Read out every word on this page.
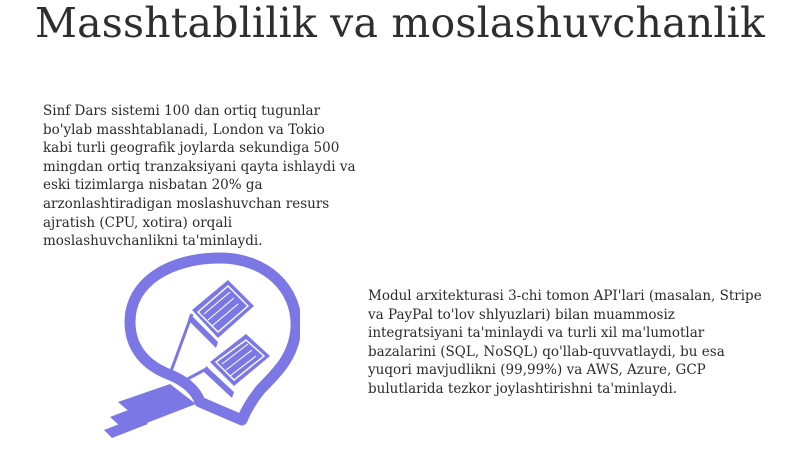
Masshtablilik va moslashuvchanlik

Sinf Dars sistemi 100 dan ortiq tugunlar bo'ylab masshtablanadi, London va Tokio kabi turli geografik joylarda sekundiga 500 mingdan ortiq tranzaksiyani qayta ishlaydi va eski tizimlarga nisbatan 20% ga arzonlashtiradigan moslashuvchan resurs ajratish (CPU, xotira) orqali moslashuvchanlikni ta'minlaydi.

Modul arxitekturasi 3-chi tomon API'lari (masalan, Stripe va PayPal to'lov shlyuzlari) bilan muammosiz integratsiyani ta'minlaydi va turli xil ma'lumotlar bazalarini (SQL, NoSQL) qo'llab-quvvatlaydi, bu esa yuqori mavjudlikni (99,99%) va AWS, Azure, GCP bulutlarida tezkor joylashtirishni ta'minlaydi.
